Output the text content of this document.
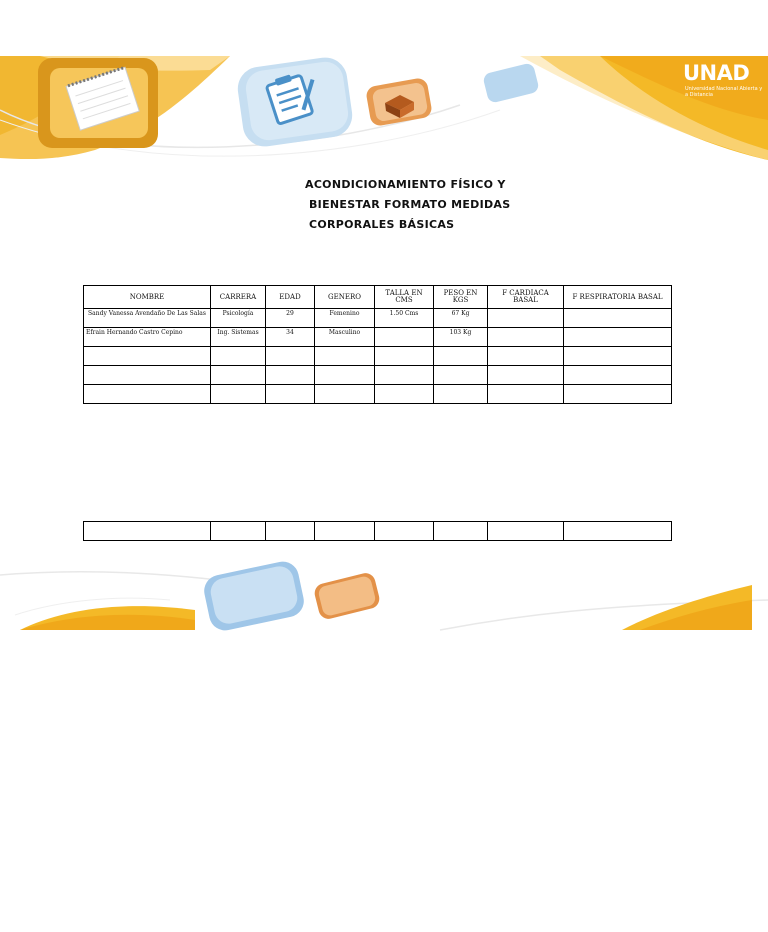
UNAD
Universidad Nacional Abierta y a Distancia
ACONDICIONAMIENTO FÍSICO Y
BIENESTAR FORMATO MEDIDAS
CORPORALES BÁSICAS
NOMBRE	CARRERA	EDAD	GENERO	TALLA EN CMS	PESO EN KGS	F CARDIACA BASAL	F RESPIRATORIA BASAL
Sandy Vanessa Avendaño De Las Salas	Psicología	29	Femenino	1.50 Cms	67 Kg		
Efrain Hernando Castro Cepino	Ing. Sistemas	34	Masculino		103 Kg		
